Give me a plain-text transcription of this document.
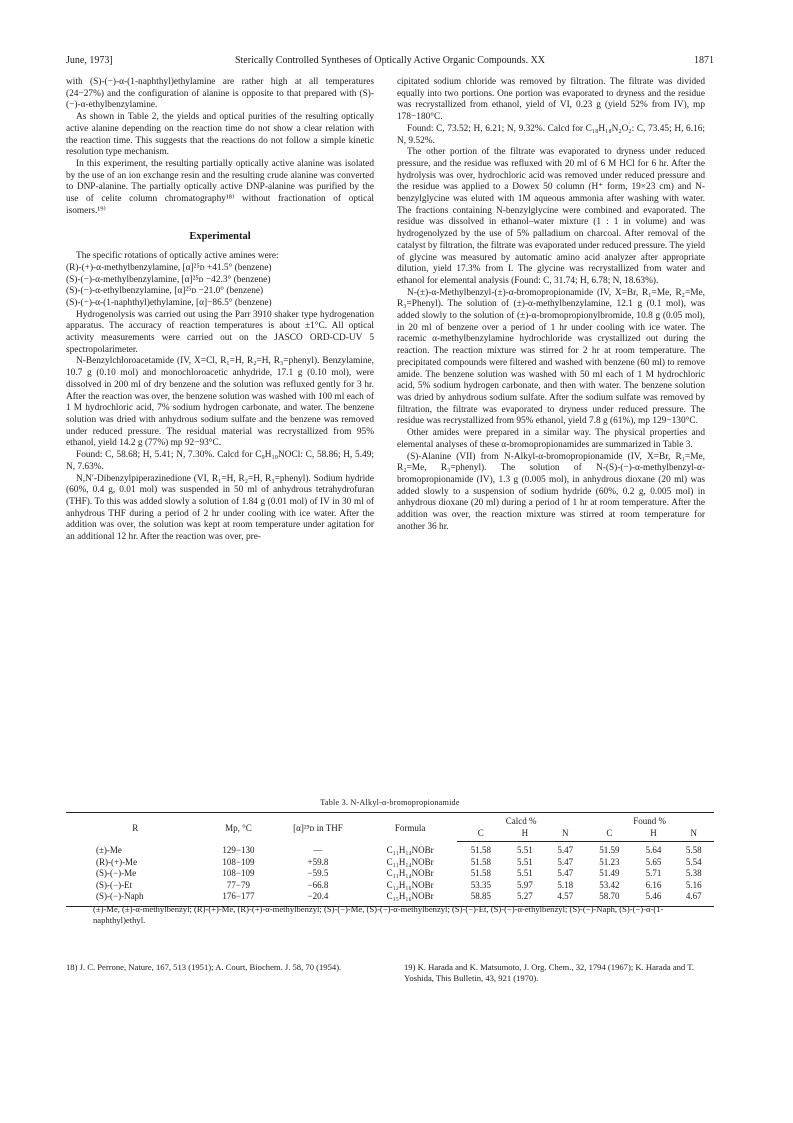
June, 1973]	Sterically Controlled Syntheses of Optically Active Organic Compounds. XX	1871

with (S)-(−)-α-(1-naphthyl)ethylamine are rather high at all temperatures (24−27%) and the configuration of alanine is opposite to that prepared with (S)-(−)-α-ethylbenzylamine.

As shown in Table 2, the yields and optical purities of the resulting optically active alanine depending on the reaction time do not show a clear relation with the reaction time. This suggests that the reactions do not follow a simple kinetic resolution type mechanism.

In this experiment, the resulting partially optically active alanine was isolated by the use of an ion exchange resin and the resulting crude alanine was converted to DNP-alanine. The partially optically active DNP-alanine was purified by the use of celite column chromatography¹⁸⁾ without fractionation of optical isomers.¹⁹⁾

Experimental

The specific rotations of optically active amines were:

(R)-(+)-α-methylbenzylamine, [α]²⁵ᴅ +41.5° (benzene)

(S)-(−)-α-methylbenzylamine, [α]²⁵ᴅ −42.3° (benzene)

(S)-(−)-α-ethylbenzylamine, [α]²⁵ᴅ −21.0° (benzene)

(S)-(−)-α-(1-naphthyl)ethylamine, [α]−86.5° (benzene)

Hydrogenolysis was carried out using the Parr 3910 shaker type hydrogenation apparatus. The accuracy of reaction temperatures is about ±1°C. All optical activity measurements were carried out on the JASCO ORD-CD-UV 5 spectropolarimeter.

N-Benzylchloroacetamide (IV, X=Cl, R₁=H, R₂=H, R₃=phenyl). Benzylamine, 10.7 g (0.10 mol) and monochloroacetic anhydride, 17.1 g (0.10 mol), were dissolved in 200 ml of dry benzene and the solution was refluxed gently for 3 hr. After the reaction was over, the benzene solution was washed with 100 ml each of 1 M hydrochloric acid, 7% sodium hydrogen carbonate, and water. The benzene solution was dried with anhydrous sodium sulfate and the benzene was removed under reduced pressure. The residual material was recrystallized from 95% ethanol, yield 14.2 g (77%) mp 92−93°C.

Found: C, 58.68; H, 5.41; N, 7.30%. Calcd for C₉H₁₀NOCl: C, 58.86; H, 5.49; N, 7.63%.

N,N′-Dibenzylpiperazinedione (VI, R₁=H, R₂=H, R₃=phenyl). Sodium hydride (60%, 0.4 g, 0.01 mol) was suspended in 50 ml of anhydrous tetrahydrofuran (THF). To this was added slowly a solution of 1.84 g (0.01 mol) of IV in 30 ml of anhydrous THF during a period of 2 hr under cooling with ice water. After the addition was over, the solution was kept at room temperature under agitation for an additional 12 hr. After the reaction was over, pre-

cipitated sodium chloride was removed by filtration. The filtrate was divided equally into two portions. One portion was evaporated to dryness and the residue was recrystallized from ethanol, yield of VI, 0.23 g (yield 52% from IV), mp 178−180°C.

Found: C, 73.52; H, 6.21; N, 9.32%. Calcd for C₁₈H₁₈N₂O₂: C, 73.45; H, 6.16; N, 9.52%.

The other portion of the filtrate was evaporated to dryness under reduced pressure, and the residue was refluxed with 20 ml of 6 M HCl for 6 hr. After the hydrolysis was over, hydrochloric acid was removed under reduced pressure and the residue was applied to a Dowex 50 column (H⁺ form, 19×23 cm) and N-benzylglycine was eluted with 1M aqueous ammonia after washing with water. The fractions containing N-benzylglycine were combined and evaporated. The residue was dissolved in ethanol–water mixture (1 : 1 in volume) and was hydrogenolyzed by the use of 5% palladium on charcoal. After removal of the catalyst by filtration, the filtrate was evaporated under reduced pressure. The yield of glycine was measured by automatic amino acid analyzer after appropriate dilution, yield 17.3% from I. The glycine was recrystallized from water and ethanol for elemental analysis (Found: C, 31.74; H, 6.78; N, 18.63%).

N-(±)-α-Methylbenzyl-(±)-α-bromopropionamide (IV, X=Br, R₁=Me, R₂=Me, R₃=Phenyl). The solution of (±)-α-methylbenzylamine, 12.1 g (0.1 mol), was added slowly to the solution of (±)-α-bromopropionylbromide, 10.8 g (0.05 mol), in 20 ml of benzene over a period of 1 hr under cooling with ice water. The racemic α-methylbenzylamine hydrochloride was crystallized out during the reaction. The reaction mixture was stirred for 2 hr at room temperature. The precipitated compounds were filtered and washed with benzene (60 ml) to remove amide. The benzene solution was washed with 50 ml each of 1 M hydrochloric acid, 5% sodium hydrogen carbonate, and then with water. The benzene solution was dried by anhydrous sodium sulfate. After the sodium sulfate was removed by filtration, the filtrate was evaporated to dryness under reduced pressure. The residue was recrystallized from 95% ethanol, yield 7.8 g (61%), mp 129−130°C.

Other amides were prepared in a similar way. The physical properties and elemental analyses of these α-bromopropionamides are summarized in Table 3.

(S)-Alanine (VII) from N-Alkyl-α-bromopropionamide (IV, X=Br, R₁=Me, R₂=Me, R₃=phenyl). The solution of N-(S)-(−)-α-methylbenzyl-α-bromopropionamide (IV), 1.3 g (0.005 mol), in anhydrous dioxane (20 ml) was added slowly to a suspension of sodium hydride (60%, 0.2 g, 0.005 mol) in anhydrous dioxane (20 ml) during a period of 1 hr at room temperature. After the addition was over, the reaction mixture was stirred at room temperature for another 36 hr.

Table 3. N-Alkyl-α-bromopropionamide
R	Mp, °C	[α]²⁵ᴅ in THF	Formula	Calcd %			Found %		
				C	H	N	C	H	N
(±)-Me	129−130	—	C₁₁H₁₄NOBr	51.58	5.51	5.47	51.59	5.64	5.58
(R)-(+)-Me	108−109	+59.8	C₁₁H₁₄NOBr	51.58	5.51	5.47	51.23	5.65	5.54
(S)-(−)-Me	108−109	−59.5	C₁₁H₁₄NOBr	51.58	5.51	5.47	51.49	5.71	5.38
(S)-(−)-Et	77−79	−66.8	C₁₂H₁₆NOBr	53.35	5.97	5.18	53.42	6.16	5.16
(S)-(−)-Naph	176−177	−20.4	C₁₅H₁₆NOBr	58.85	5.27	4.57	58.70	5.46	4.67
(±)-Me, (±)-α-methylbenzyl; (R)-(+)-Me, (R)-(+)-α-methylbenzyl; (S)-(−)-Me, (S)-(−)-α-methylbenzyl; (S)-(−)-Et, (S)-(−)-α-ethylbenzyl; (S)-(−)-Naph, (S)-(−)-α-(1-naphthyl)ethyl.
18) J. C. Perrone, Nature, 167, 513 (1951); A. Court, Biochem. J. 58, 70 (1954).	19) K. Harada and K. Matsumoto, J. Org. Chem., 32, 1794 (1967); K. Harada and T. Yoshida, This Bulletin, 43, 921 (1970).
